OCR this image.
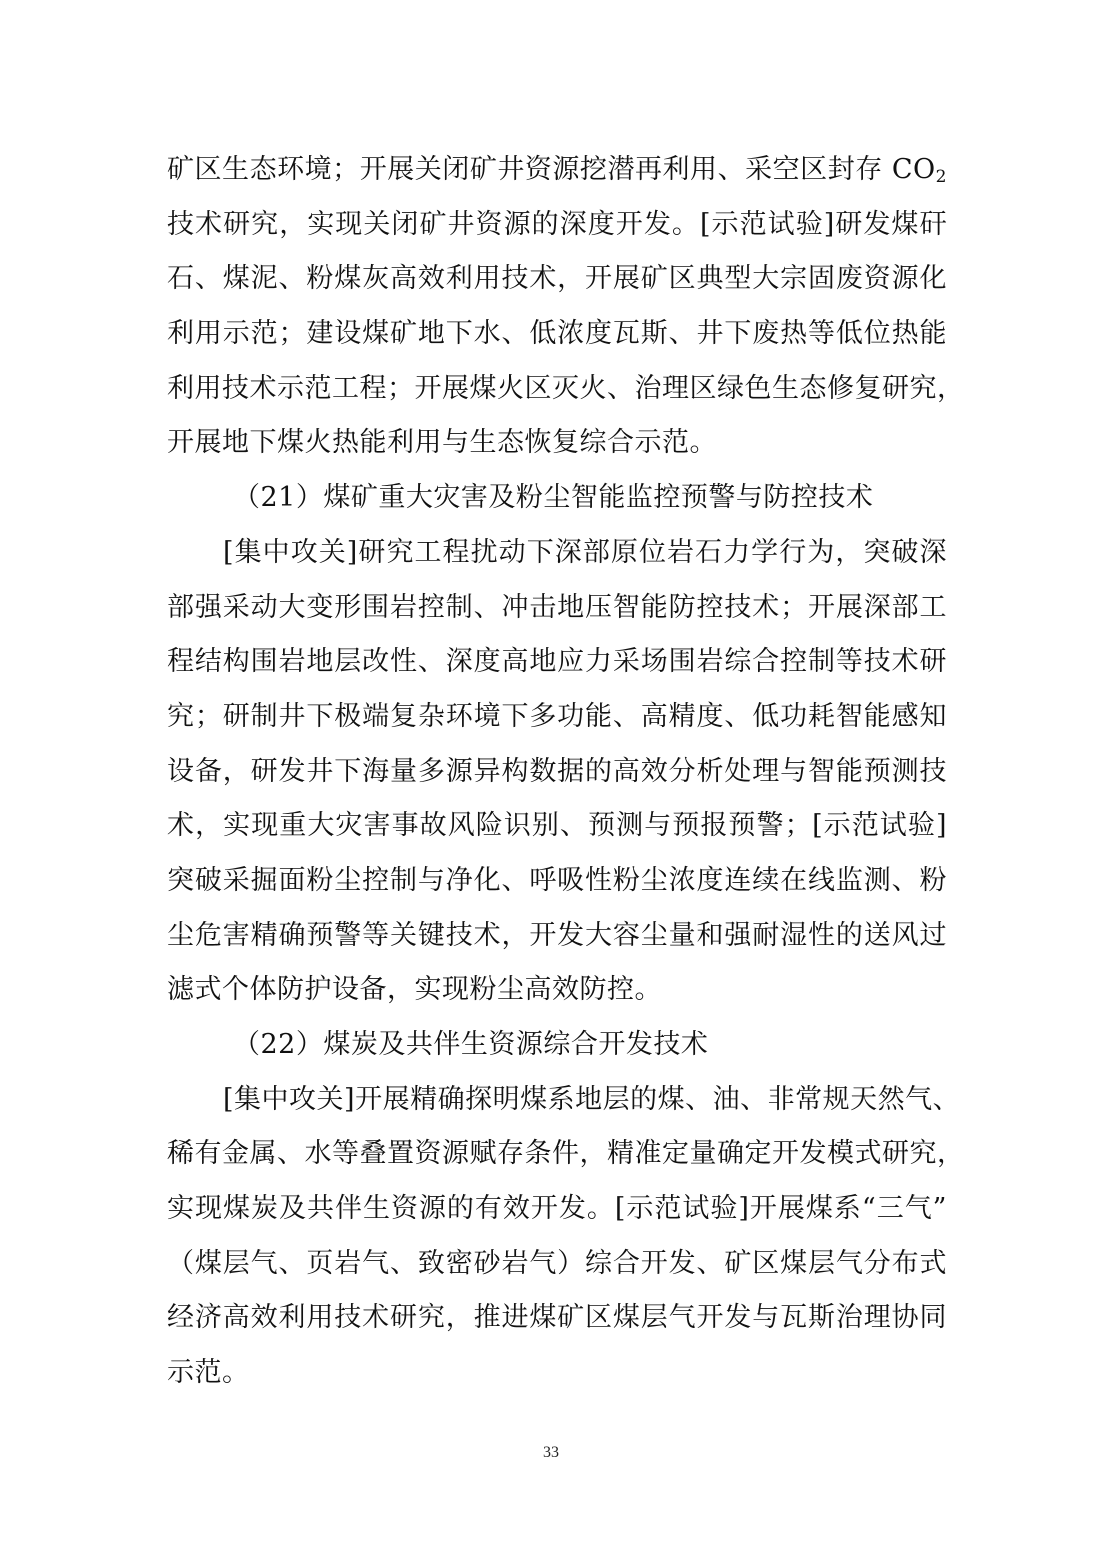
矿区生态环境；开展关闭矿井资源挖潜再利用、采空区封存 $CO_2$
技术研究，实现关闭矿井资源的深度开发。[示范试验]研发煤矸
石、煤泥、粉煤灰高效利用技术，开展矿区典型大宗固废资源化
利用示范；建设煤矿地下水、低浓度瓦斯、井下废热等低位热能
利用技术示范工程；开展煤火区灭火、治理区绿色生态修复研究，
开展地下煤火热能利用与生态恢复综合示范。
（21）煤矿重大灾害及粉尘智能监控预警与防控技术
[集中攻关]研究工程扰动下深部原位岩石力学行为，突破深
部强采动大变形围岩控制、冲击地压智能防控技术；开展深部工
程结构围岩地层改性、深度高地应力采场围岩综合控制等技术研
究；研制井下极端复杂环境下多功能、高精度、低功耗智能感知
设备，研发井下海量多源异构数据的高效分析处理与智能预测技
术，实现重大灾害事故风险识别、预测与预报预警；[示范试验]
突破采掘面粉尘控制与净化、呼吸性粉尘浓度连续在线监测、粉
尘危害精确预警等关键技术，开发大容尘量和强耐湿性的送风过
滤式个体防护设备，实现粉尘高效防控。
（22）煤炭及共伴生资源综合开发技术
[集中攻关]开展精确探明煤系地层的煤、油、非常规天然气、
稀有金属、水等叠置资源赋存条件，精准定量确定开发模式研究，
实现煤炭及共伴生资源的有效开发。[示范试验]开展煤系“三气”
（煤层气、页岩气、致密砂岩气）综合开发、矿区煤层气分布式
经济高效利用技术研究，推进煤矿区煤层气开发与瓦斯治理协同
示范。
33
